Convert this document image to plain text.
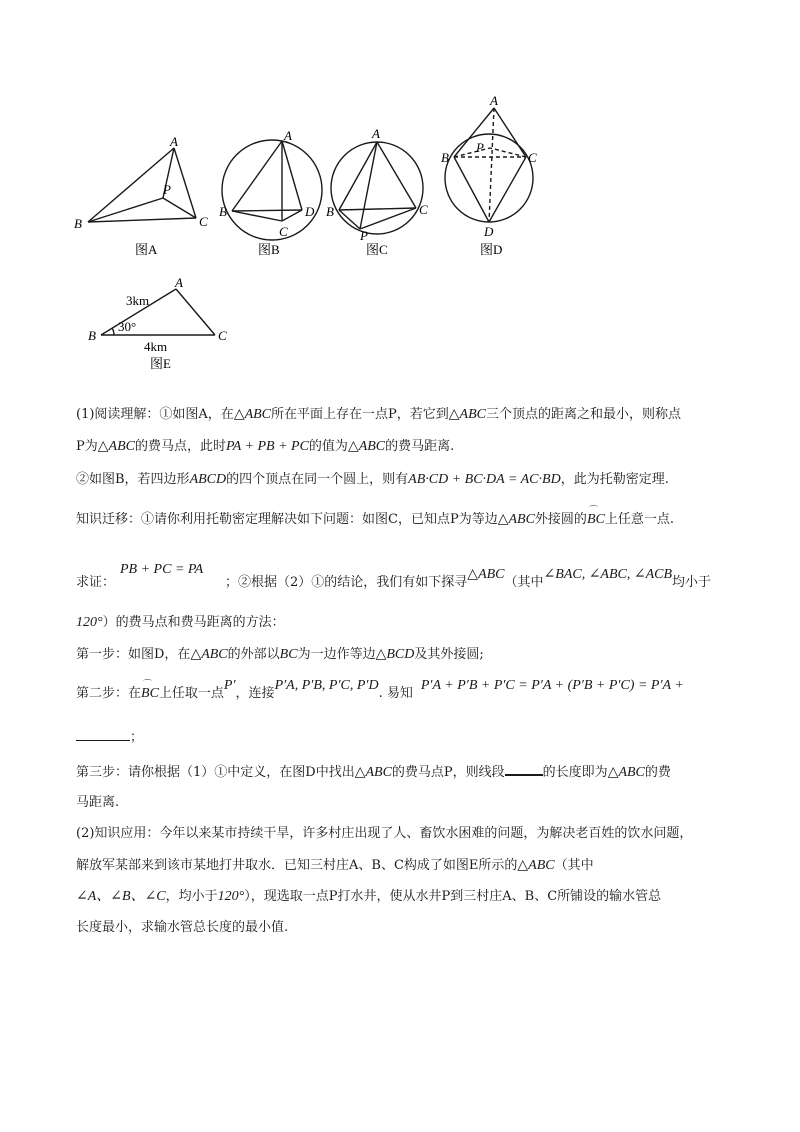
A
P
B	C
图A
A
B	D
C
图B
A
B	C
P
图C
A
B
P
C
D
图D
A
B	C
3km
30°
4km
图E
(1)阅读理解：①如图A，在△ABC所在平面上存在一点P，若它到△ABC三个顶点的距离之和最小，则称点
P为△ABC的费马点，此时PA + PB + PC的值为△ABC的费马距离.
②如图B，若四边形ABCD的四个顶点在同一个圆上，则有AB·CD + BC·DA = AC·BD，此为托勒密定理.
知识迁移：①请你利用托勒密定理解决如下问题：如图C，已知点P为等边△ABC外接圆的⌒ BC上任意一点.
PB + PC = PA
求证：	；②根据（2）①的结论，我们有如下探寻△ABC（其中∠BAC, ∠ABC, ∠ACB均小于
120°）的费马点和费马距离的方法：
第一步：如图D，在△ABC的外部以BC为一边作等边△BCD及其外接圆;
第二步：在⌒ BC上任取一点P′，连接P′A, P′B, P′C, P′D. 易知P′A + P′B + P′C = P′A + (P′B + P′C) = P′A +
；
第三步：请你根据（1）①中定义，在图D中找出△ABC的费马点P，则线段	的长度即为△ABC的费
马距离.
(2)知识应用：今年以来某市持续干旱，许多村庄出现了人、畜饮水困难的问题，为解决老百姓的饮水问题，
解放军某部来到该市某地打井取水．已知三村庄A、B、C构成了如图E所示的△ABC（其中
∠A、∠B、∠C，均小于120°），现选取一点P打水井，使从水井P到三村庄A、B、C所铺设的输水管总
长度最小，求输水管总长度的最小值.
